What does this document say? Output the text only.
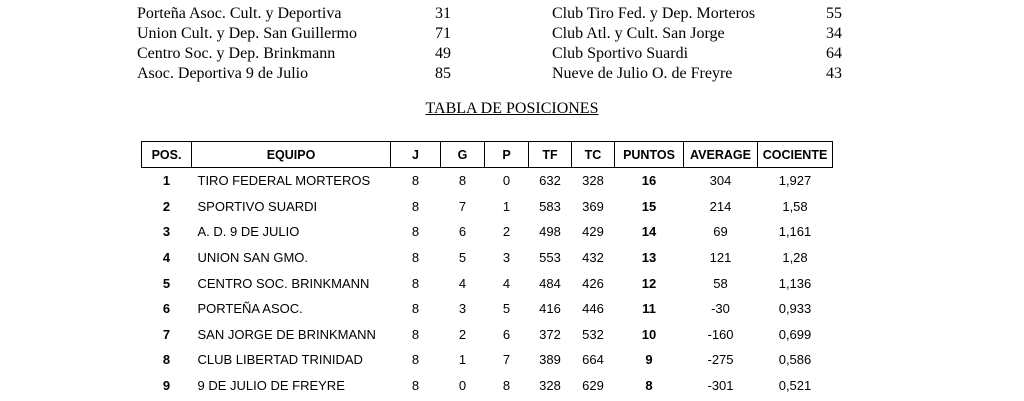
Porteña Asoc. Cult. y Deportiva	31
Union Cult. y Dep. San Guillermo	71
Centro Soc. y Dep. Brinkmann	49
Asoc. Deportiva 9 de Julio	85
Club Tiro Fed. y Dep. Morteros	55
Club Atl. y Cult. San Jorge	34
Club Sportivo Suardi	64
Nueve de Julio O. de Freyre	43
TABLA DE POSICIONES
POS.	EQUIPO	J	G	P	TF	TC	PUNTOS	AVERAGE	COCIENTE
1	TIRO FEDERAL MORTEROS	8	8	0	632	328	16	304	1,927
2	SPORTIVO SUARDI	8	7	1	583	369	15	214	1,58
3	A. D. 9 DE JULIO	8	6	2	498	429	14	69	1,161
4	UNION SAN GMO.	8	5	3	553	432	13	121	1,28
5	CENTRO SOC. BRINKMANN	8	4	4	484	426	12	58	1,136
6	PORTEÑA ASOC.	8	3	5	416	446	11	-30	0,933
7	SAN JORGE DE BRINKMANN	8	2	6	372	532	10	-160	0,699
8	CLUB LIBERTAD TRINIDAD	8	1	7	389	664	9	-275	0,586
9	9 DE JULIO DE FREYRE	8	0	8	328	629	8	-301	0,521
